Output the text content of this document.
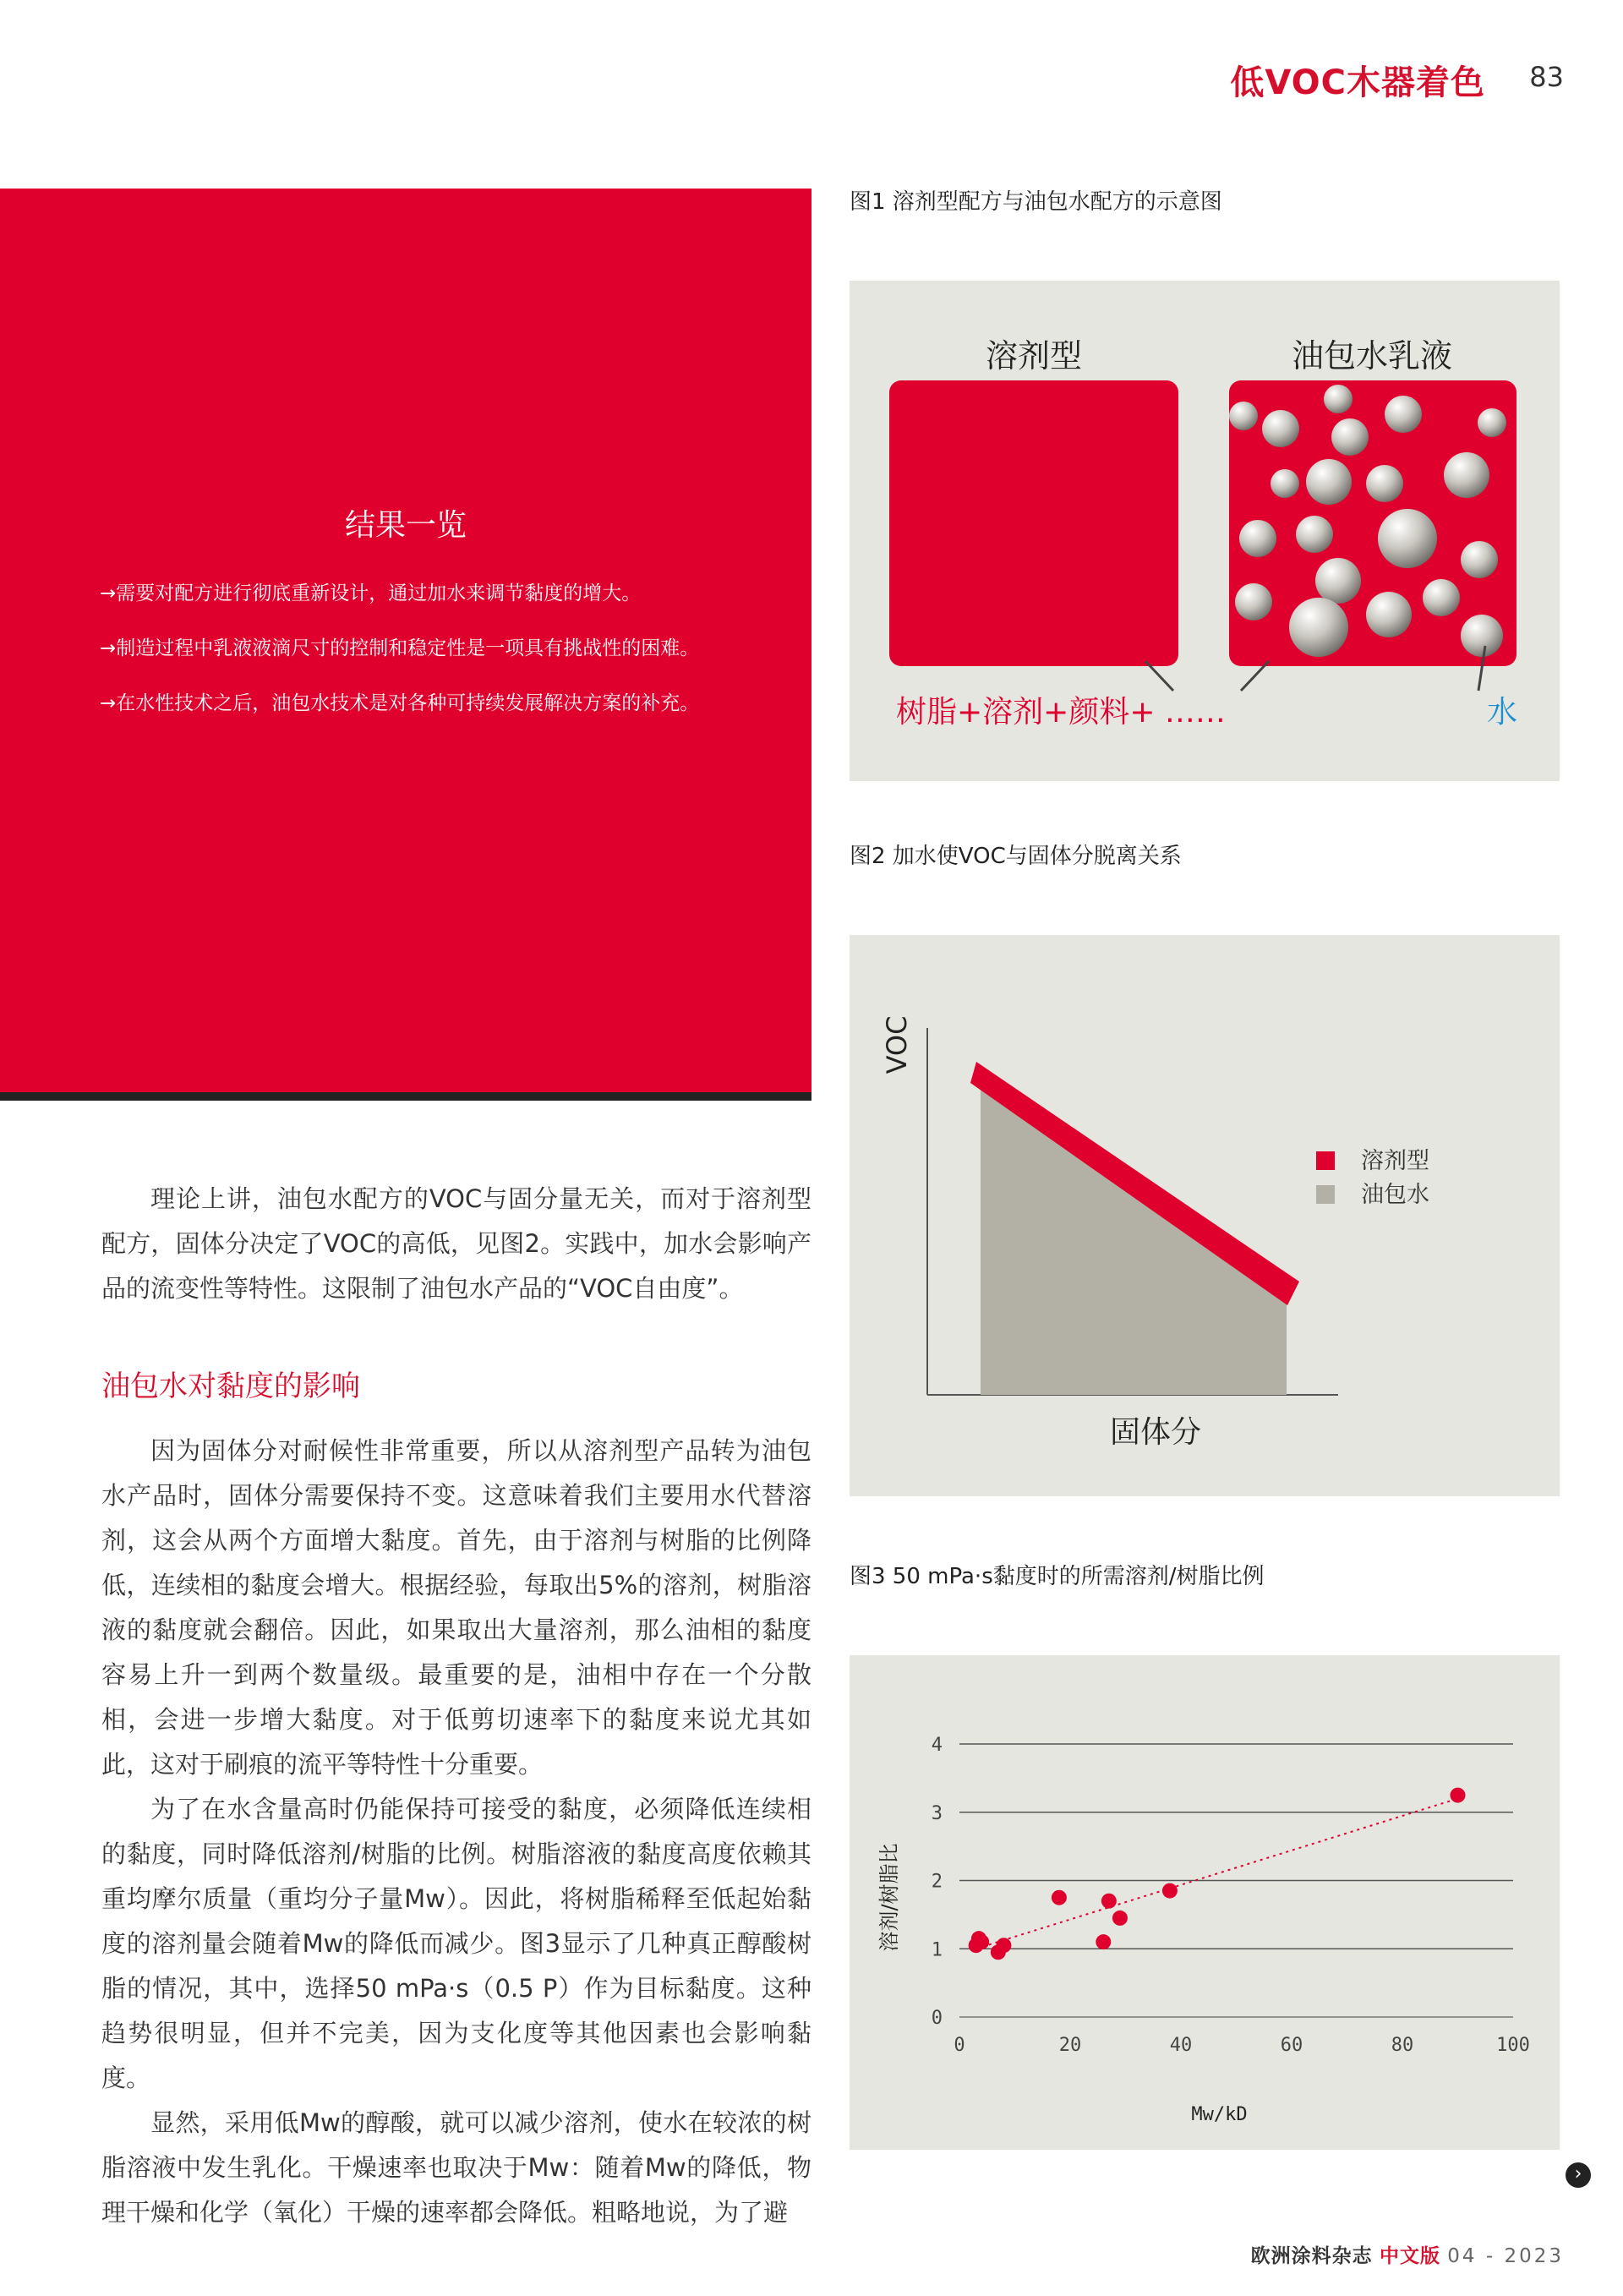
低VOC木器着色 83
结果一览
→需要对配方进行彻底重新设计，通过加水来调节黏度的增大。
→制造过程中乳液液滴尺寸的控制和稳定性是一项具有挑战性的困难。
→在水性技术之后，油包水技术是对各种可持续发展解决方案的补充。

理论上讲，油包水配方的VOC与固分量无关，而对于溶剂型配方，固体分决定了VOC的高低，见图2。实践中，加水会影响产品的流变性等特性。这限制了油包水产品的“VOC自由度”。

油包水对黏度的影响

因为固体分对耐候性非常重要，所以从溶剂型产品转为油包水产品时，固体分需要保持不变。这意味着我们主要用水代替溶剂，这会从两个方面增大黏度。首先，由于溶剂与树脂的比例降低，连续相的黏度会增大。根据经验，每取出5%的溶剂，树脂溶液的黏度就会翻倍。因此，如果取出大量溶剂，那么油相的黏度容易上升一到两个数量级。最重要的是，油相中存在一个分散相，会进一步增大黏度。对于低剪切速率下的黏度来说尤其如此，这对于刷痕的流平等特性十分重要。

为了在水含量高时仍能保持可接受的黏度，必须降低连续相的黏度，同时降低溶剂/树脂的比例。树脂溶液的黏度高度依赖其重均摩尔质量（重均分子量Mw）。因此，将树脂稀释至低起始黏度的溶剂量会随着Mw的降低而减少。图3显示了几种真正醇酸树脂的情况，其中，选择50 mPa·s（0.5 P）作为目标黏度。这种趋势很明显，但并不完美，因为支化度等其他因素也会影响黏度。

显然，采用低Mw的醇酸，就可以减少溶剂，使水在较浓的树脂溶液中发生乳化。干燥速率也取决于Mw：随着Mw的降低，物理干燥和化学（氧化）干燥的速率都会降低。粗略地说，为了避

图1 溶剂型配方与油包水配方的示意图
溶剂型	油包水乳液
树脂+溶剂+颜料+ ……	水
图2 加水使VOC与固体分脱离关系
VOC
固体分
溶剂型
油包水
图3 50 mPa·s黏度时的所需溶剂/树脂比例
0
1
2
3
4
0	20	40	60	80	100
溶剂/树脂比
Mw/kD
›
欧洲涂料杂志 中文版 04 - 2023
